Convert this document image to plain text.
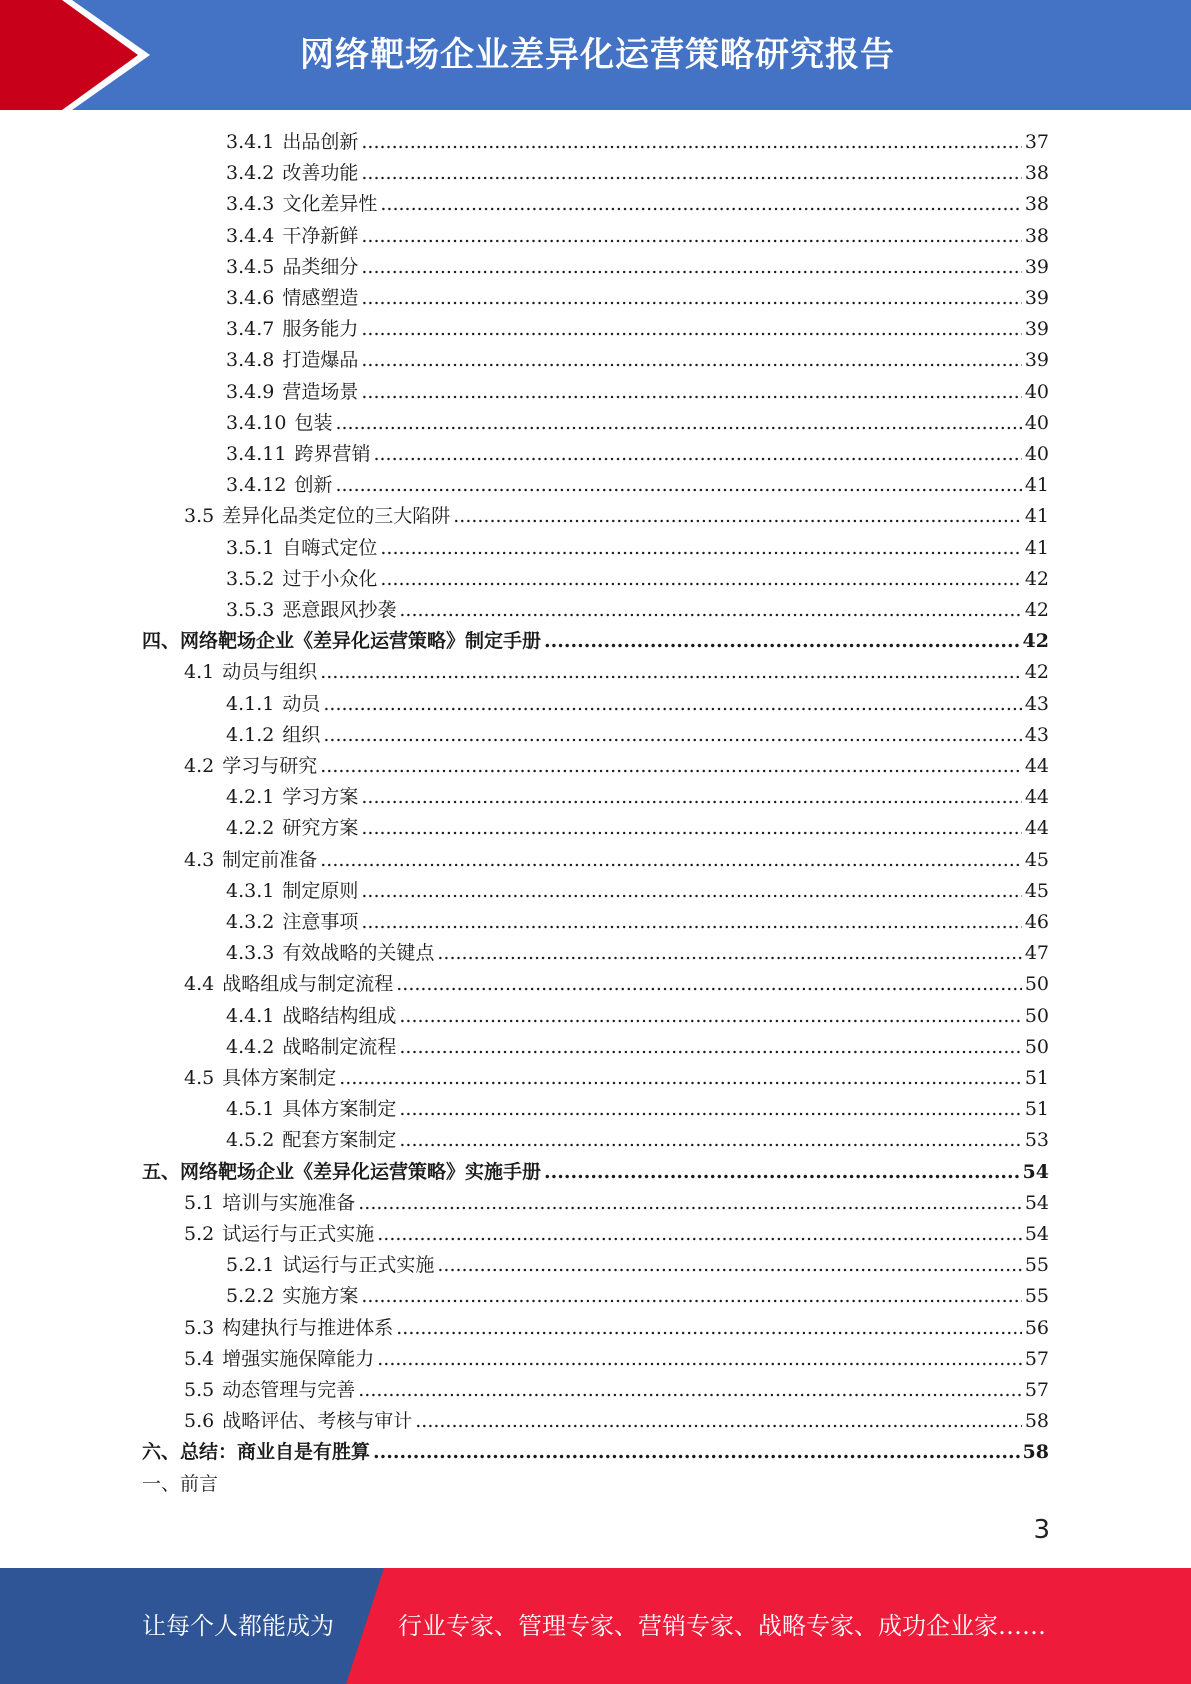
网络靶场企业差异化运营策略研究报告
3.4.1 出品创新 .....	37
3.4.2 改善功能 .....	38
3.4.3 文化差异性 .....	38
3.4.4 干净新鲜 .....	38
3.4.5 品类细分 .....	39
3.4.6 情感塑造 .....	39
3.4.7 服务能力 .....	39
3.4.8 打造爆品 .....	39
3.4.9 营造场景 .....	40
3.4.10 包装 .....	40
3.4.11 跨界营销 .....	40
3.4.12 创新 .....	41
3.5 差异化品类定位的三大陷阱 .....	41
3.5.1 自嗨式定位 .....	41
3.5.2 过于小众化 .....	42
3.5.3 恶意跟风抄袭 .....	42
四、网络靶场企业《差异化运营策略》制定手册 .....	42
4.1 动员与组织 .....	42
4.1.1 动员 .....	43
4.1.2 组织 .....	43
4.2 学习与研究 .....	44
4.2.1 学习方案 .....	44
4.2.2 研究方案 .....	44
4.3 制定前准备 .....	45
4.3.1 制定原则 .....	45
4.3.2 注意事项 .....	46
4.3.3 有效战略的关键点 .....	47
4.4 战略组成与制定流程 .....	50
4.4.1 战略结构组成 .....	50
4.4.2 战略制定流程 .....	50
4.5 具体方案制定 .....	51
4.5.1 具体方案制定 .....	51
4.5.2 配套方案制定 .....	53
五、网络靶场企业《差异化运营策略》实施手册 .....	54
5.1 培训与实施准备 .....	54
5.2 试运行与正式实施 .....	54
5.2.1 试运行与正式实施 .....	55
5.2.2 实施方案 .....	55
5.3 构建执行与推进体系 .....	56
5.4 增强实施保障能力 .....	57
5.5 动态管理与完善 .....	57
5.6 战略评估、考核与审计 .....	58
六、总结：商业自是有胜算 .....	58
一、前言
3
让每个人都能成为	行业专家、管理专家、营销专家、战略专家、成功企业家……
